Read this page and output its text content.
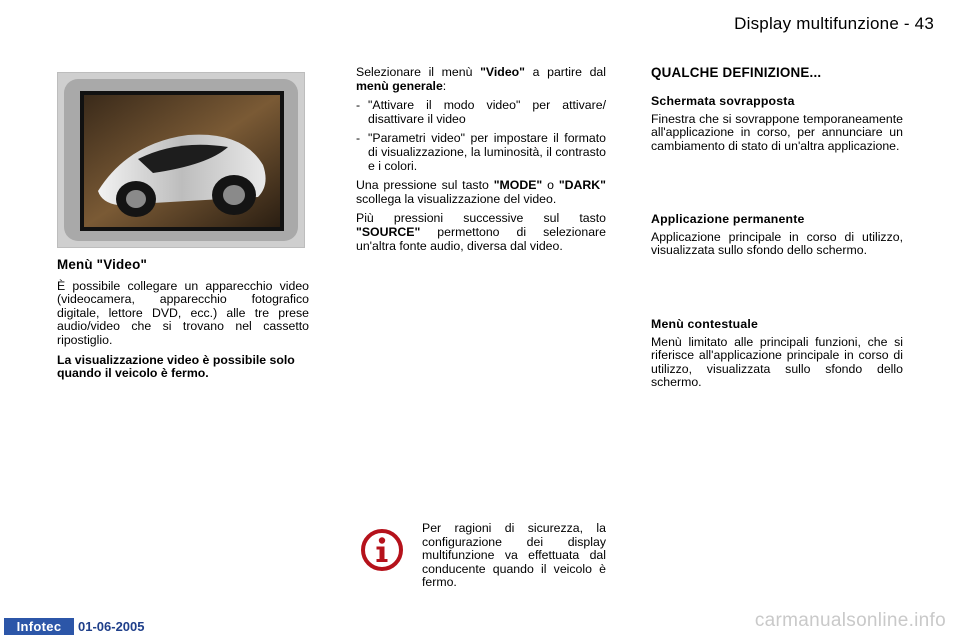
Display multifunzione - 43
Menù "Video"

È possibile collegare un apparecchio video (videocamera, apparecchio fotografico digitale, lettore DVD, ecc.) alle tre prese audio/video che si trovano nel cassetto ripostiglio.

La visualizzazione video è possibile solo quando il veicolo è fermo.

Selezionare il menù "Video" a partire dal menù generale:

- "Attivare il modo video" per attivare/ disattivare il video

- "Parametri video" per impostare il formato di visualizzazione, la luminosità, il contrasto e i colori.

Una pressione sul tasto "MODE" o "DARK" scollega la visualizzazione del video.

Più pressioni successive sul tasto "SOURCE" permettono di selezionare un'altra fonte audio, diversa dal video.

Per ragioni di sicurezza, la configurazione dei display multifunzione va effettuata dal conducente quando il veicolo è fermo.
QUALCHE DEFINIZIONE...
Schermata sovrapposta

Finestra che si sovrappone temporaneamente all'applicazione in corso, per annunciare un cambiamento di stato di un'altra applicazione.

Applicazione permanente

Applicazione principale in corso di utilizzo, visualizzata sullo sfondo dello schermo.

Menù contestuale

Menù limitato alle principali funzioni, che si riferisce all'applicazione principale in corso di utilizzo, visualizzata sullo sfondo dello schermo.

Infotec	01-06-2005	carmanualsonline.info
